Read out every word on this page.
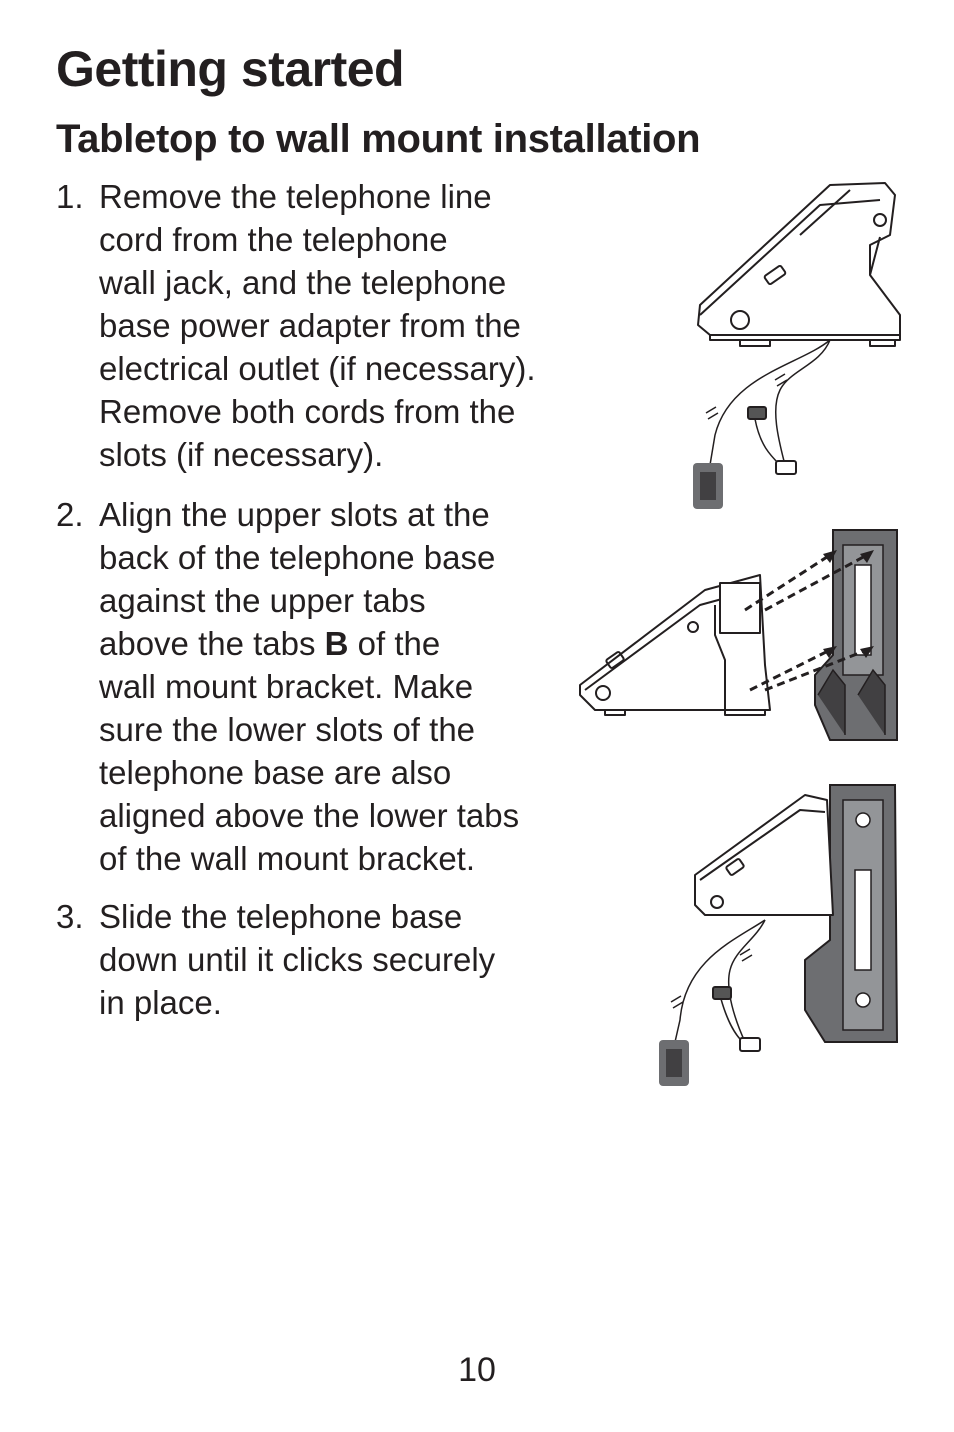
Getting started
Tabletop to wall mount installation
1. Remove the telephone line
cord from the telephone
wall jack, and the telephone
base power adapter from the
electrical outlet (if necessary).
Remove both cords from the
slots (if necessary).
2. Align the upper slots at the
back of the telephone base
against the upper tabs
above the tabs B of the
wall mount bracket. Make
sure the lower slots of the
telephone base are also
aligned above the lower tabs
of the wall mount bracket.
3. Slide the telephone base
down until it clicks securely
in place.
10
